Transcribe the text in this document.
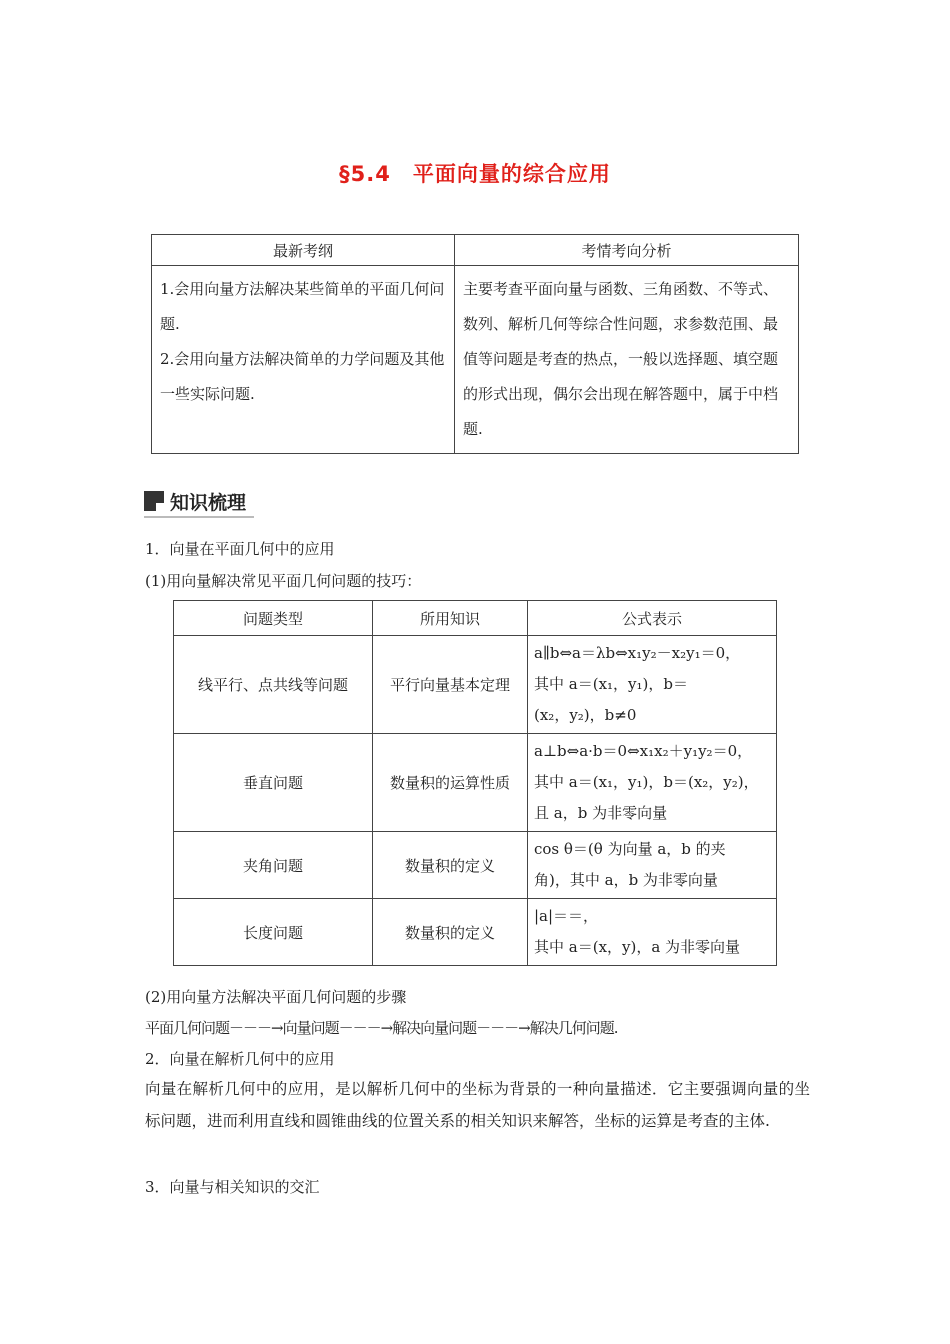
§5.4 平面向量的综合应用
最新考纲	考情考向分析

1.会用向量方法解决某些简单的平面几何问题.
2.会用向量方法解决简单的力学问题及其他一些实际问题.	主要考查平面向量与函数、三角函数、不等式、数列、解析几何等综合性问题，求参数范围、最值等问题是考查的热点，一般以选择题、填空题的形式出现，偶尔会出现在解答题中，属于中档题.
知识梳理
1．向量在平面几何中的应用
(1)用向量解决常见平面几何问题的技巧：
问题类型	所用知识	公式表示
线平行、点共线等问题	平行向量基本定理	a∥b⇔a＝λb⇔x₁y₂－x₂y₁＝0，
其中 a＝(x₁，y₁)，b＝
(x₂，y₂)，b≠0

垂直问题	数量积的运算性质	a⊥b⇔a·b＝0⇔x₁x₂＋y₁y₂＝0，
其中 a＝(x₁，y₁)，b＝(x₂，y₂)，
且 a，b 为非零向量

夹角问题	数量积的定义	cos θ＝(θ 为向量 a，b 的夹
角)，其中 a，b 为非零向量

长度问题	数量积的定义	|a|＝＝，
其中 a＝(x，y)，a 为非零向量
(2)用向量方法解决平面几何问题的步骤
平面几何问题－－－→向量问题－－－→解决向量问题－－－→解决几何问题.
2．向量在解析几何中的应用
向量在解析几何中的应用，是以解析几何中的坐标为背景的一种向量描述．它主要强调向量的坐标问题，进而利用直线和圆锥曲线的位置关系的相关知识来解答，坐标的运算是考查的主体.
3．向量与相关知识的交汇
